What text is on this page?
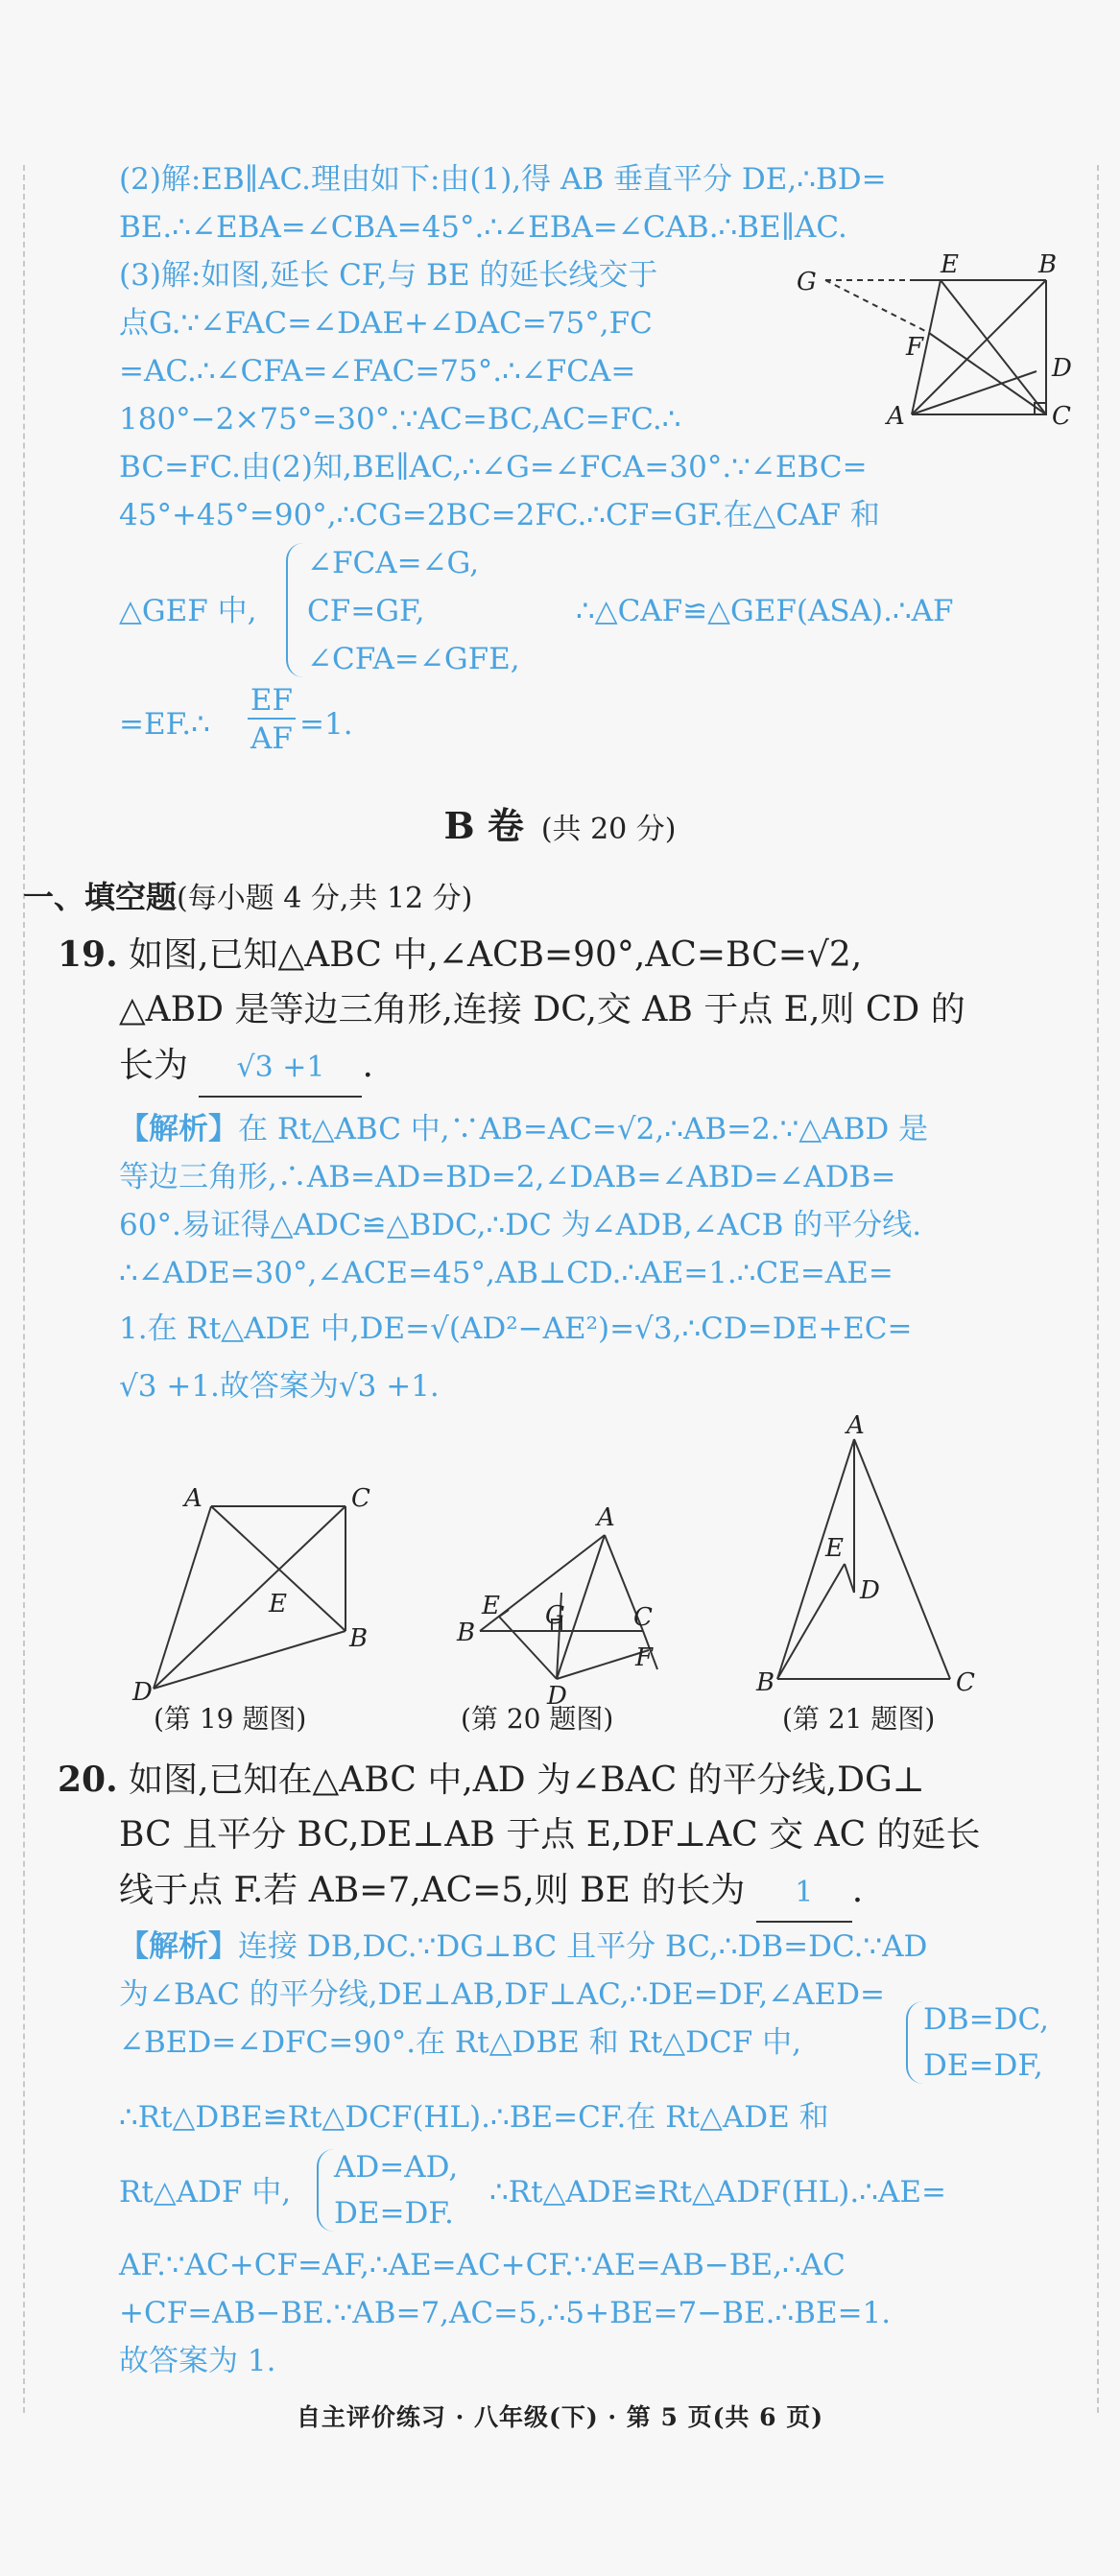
(2)解:EB∥AC.理由如下:由(1),得 AB 垂直平分 DE,∴BD=
BE.∴∠EBA=∠CBA=45°.∴∠EBA=∠CAB.∴BE∥AC.
(3)解:如图,延长 CF,与 BE 的延长线交于
点G.∵∠FAC=∠DAE+∠DAC=75°,FC
=AC.∴∠CFA=∠FAC=75°.∴∠FCA=
180°−2×75°=30°.∵AC=BC,AC=FC.∴
BC=FC.由(2)知,BE∥AC,∴∠G=∠FCA=30°.∵∠EBC=
45°+45°=90°,∴CG=2BC=2FC.∴CF=GF.在△CAF 和
△GEF 中,
∠FCA=∠G,
CF=GF,
∠CFA=∠GFE,
∴△CAF≌△GEF(ASA).∴AF
=EF.∴
EF
AF =1.
G
E	B
F
D
A	C
B 卷 (共 20 分)
一、填空题(每小题 4 分,共 12 分)
19. 如图,已知△ABC 中,∠ACB=90°,AC=BC=√2,
△ABD 是等边三角形,连接 DC,交 AB 于点 E,则 CD 的
长为 √3 +1 .
【解析】在 Rt△ABC 中,∵AB=AC=√2,∴AB=2.∵△ABD 是
等边三角形,∴AB=AD=BD=2,∠DAB=∠ABD=∠ADB=
60°.易证得△ADC≌△BDC,∴DC 为∠ADB,∠ACB 的平分线.
∴∠ADE=30°,∠ACE=45°,AB⊥CD.∴AE=1.∴CE=AE=
1.在 Rt△ADE 中,DE=√(AD²−AE²)=√3,∴CD=DE+EC=
√3 +1.故答案为√3 +1.
A	C
E
B
D
(第 19 题图)
A
E G	C
B
F
D
(第 20 题图)
A
E
D
B	C
(第 21 题图)
20. 如图,已知在△ABC 中,AD 为∠BAC 的平分线,DG⊥
BC 且平分 BC,DE⊥AB 于点 E,DF⊥AC 交 AC 的延长
线于点 F.若 AB=7,AC=5,则 BE 的长为 1 .
【解析】连接 DB,DC.∵DG⊥BC 且平分 BC,∴DB=DC.∵AD
为∠BAC 的平分线,DE⊥AB,DF⊥AC,∴DE=DF,∠AED=
∠BED=∠DFC=90°.在 Rt△DBE 和 Rt△DCF 中,
DB=DC,
DE=DF,
∴Rt△DBE≌Rt△DCF(HL).∴BE=CF.在 Rt△ADE 和
Rt△ADF 中,
AD=AD,
DE=DF.
∴Rt△ADE≌Rt△ADF(HL).∴AE=
AF.∵AC+CF=AF,∴AE=AC+CF.∵AE=AB−BE,∴AC
+CF=AB−BE.∵AB=7,AC=5,∴5+BE=7−BE.∴BE=1.
故答案为 1.
自主评价练习 · 八年级(下) · 第 5 页(共 6 页)
